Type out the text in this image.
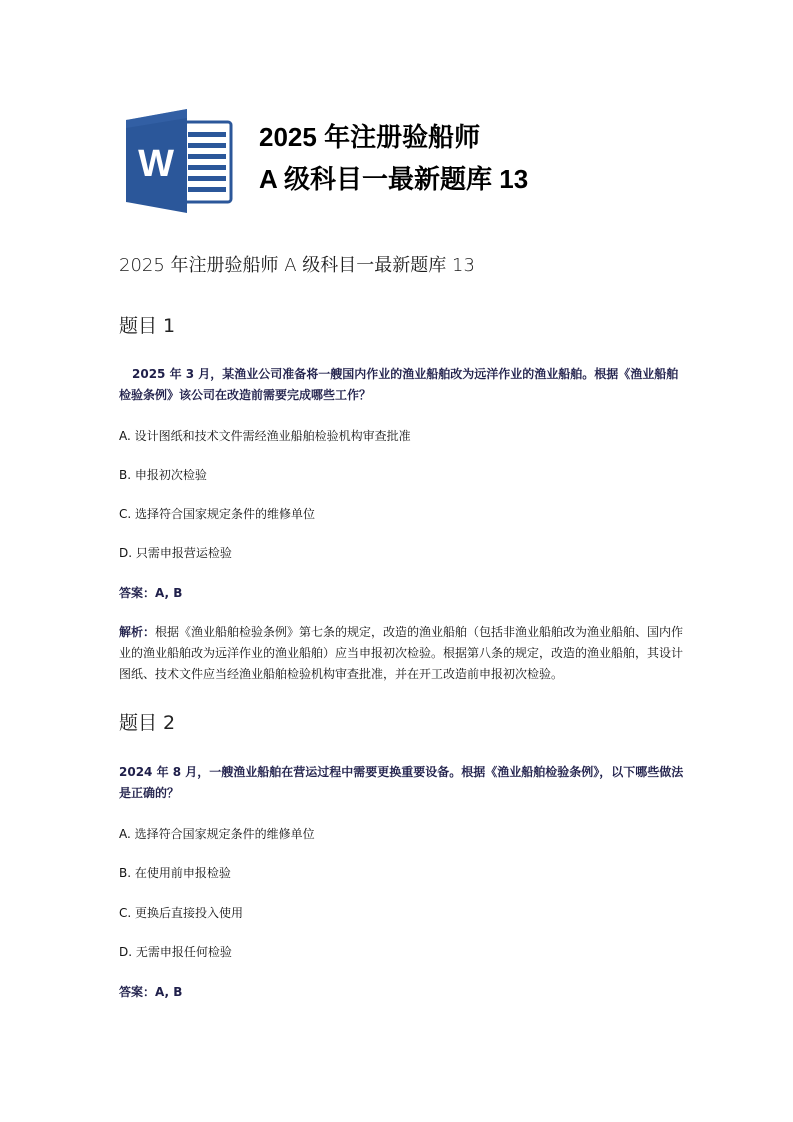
W
2025 年注册验船师
A 级科目一最新题库 13
2025 年注册验船师 A 级科目一最新题库 13
题目 1
2025 年 3 月，某渔业公司准备将一艘国内作业的渔业船舶改为远洋作业的渔业船舶。根据《渔业船舶检验条例》该公司在改造前需要完成哪些工作？
A. 设计图纸和技术文件需经渔业船舶检验机构审查批准
B. 申报初次检验
C. 选择符合国家规定条件的维修单位
D. 只需申报营运检验
答案：A, B
解析：根据《渔业船舶检验条例》第七条的规定，改造的渔业船舶（包括非渔业船舶改为渔业船舶、国内作业的渔业船舶改为远洋作业的渔业船舶）应当申报初次检验。根据第八条的规定，改造的渔业船舶，其设计图纸、技术文件应当经渔业船舶检验机构审查批准，并在开工改造前申报初次检验。
题目 2
2024 年 8 月，一艘渔业船舶在营运过程中需要更换重要设备。根据《渔业船舶检验条例》，以下哪些做法是正确的？
A. 选择符合国家规定条件的维修单位
B. 在使用前申报检验
C. 更换后直接投入使用
D. 无需申报任何检验
答案：A, B
